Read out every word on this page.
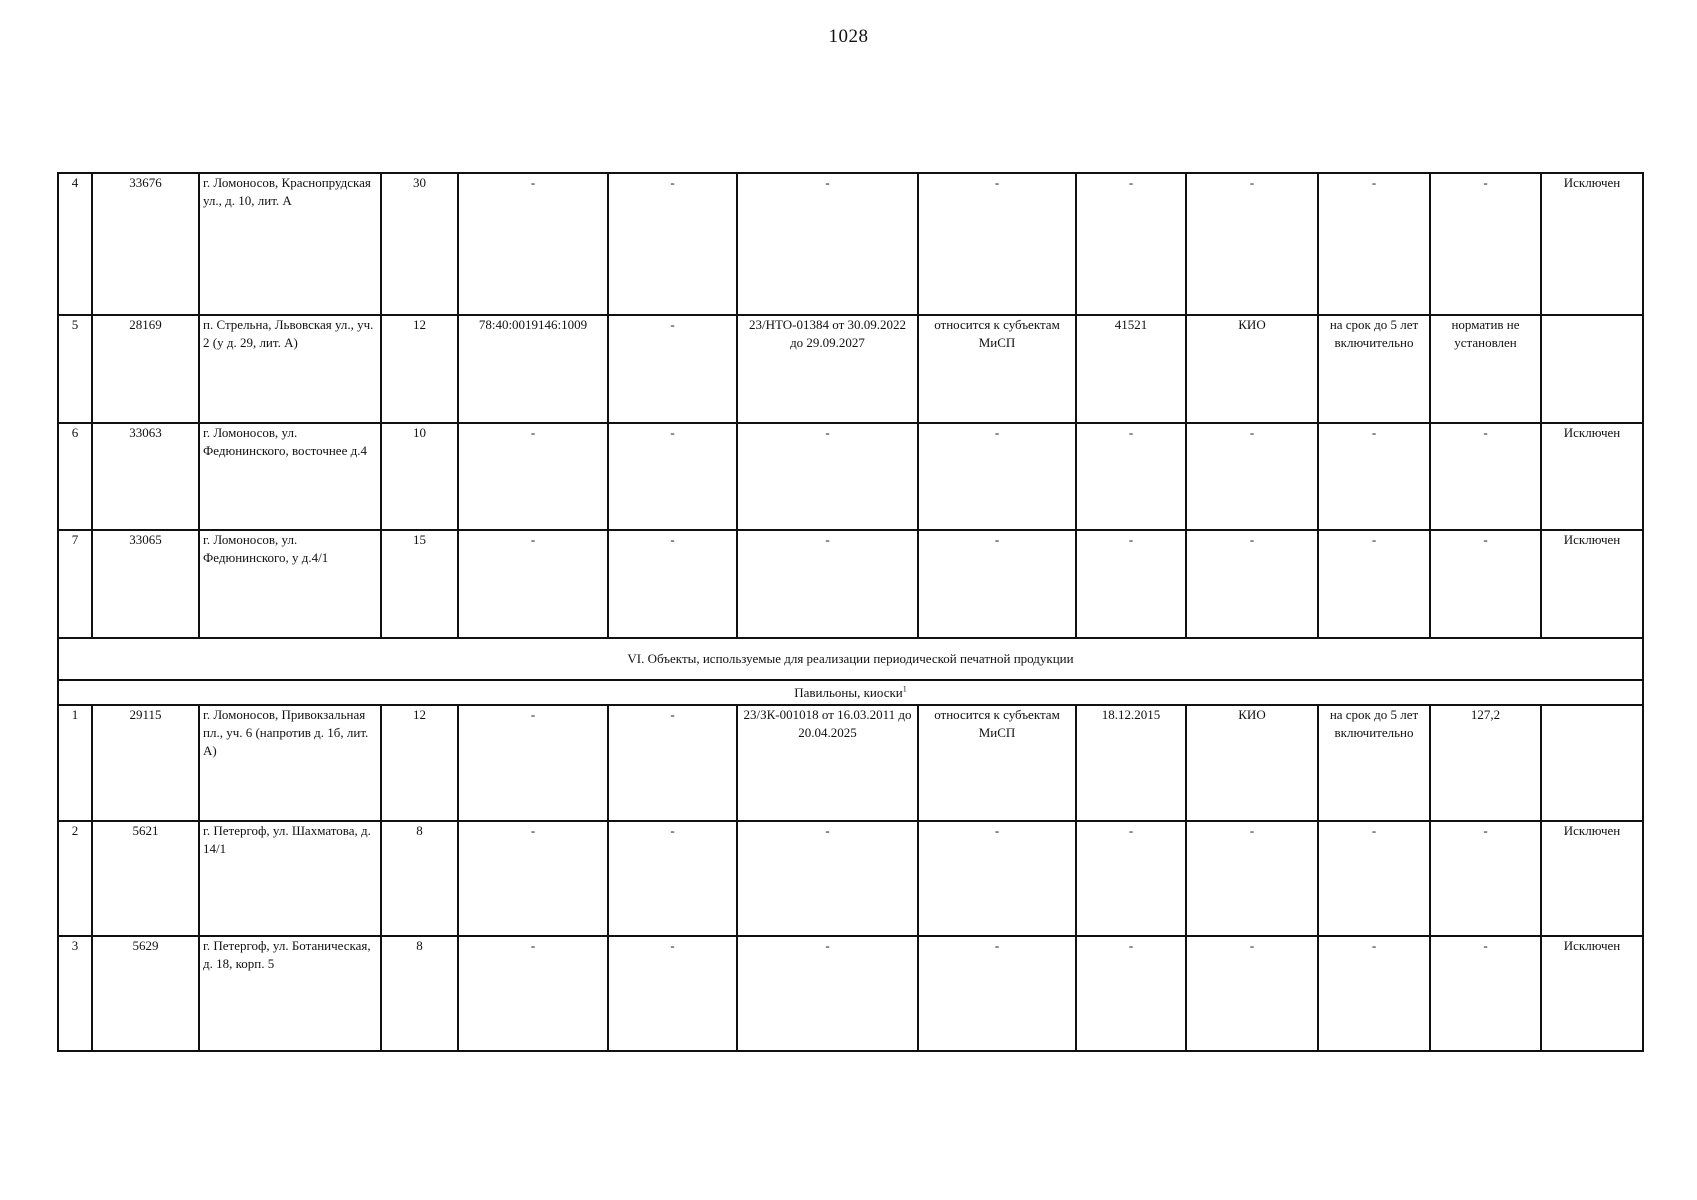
1028
4	33676	г. Ломоносов, Краснопрудская ул., д. 10, лит. А	30	-	-	-	-	-	-	-	-	Исключен
5	28169	п. Стрельна, Львовская ул., уч. 2 (у д. 29, лит. А)	12	78:40:0019146:1009	-	23/НТО-01384 от 30.09.2022 до 29.09.2027	относится к субъектам МиСП	41521	КИО	на срок до 5 лет включительно	норматив не установлен	
6	33063	г. Ломоносов, ул. Федюнинского, восточнее д.4	10	-	-	-	-	-	-	-	-	Исключен
7	33065	г. Ломоносов, ул. Федюнинского, у д.4/1	15	-	-	-	-	-	-	-	-	Исключен
VI. Объекты, используемые для реализации периодической печатной продукции												
Павильоны, киоски$^1$
1	29115	г. Ломоносов, Привокзальная пл., уч. 6 (напротив д. 1б, лит. А)	12	-	-	23/ЗК-001018 от 16.03.2011 до 20.04.2025	относится к субъектам МиСП	18.12.2015	КИО	на срок до 5 лет включительно	127,2	
2	5621	г. Петергоф, ул. Шахматова, д. 14/1	8	-	-	-	-	-	-	-	-	Исключен
3	5629	г. Петергоф, ул. Ботаническая, д. 18, корп. 5	8	-	-	-	-	-	-	-	-	Исключен
